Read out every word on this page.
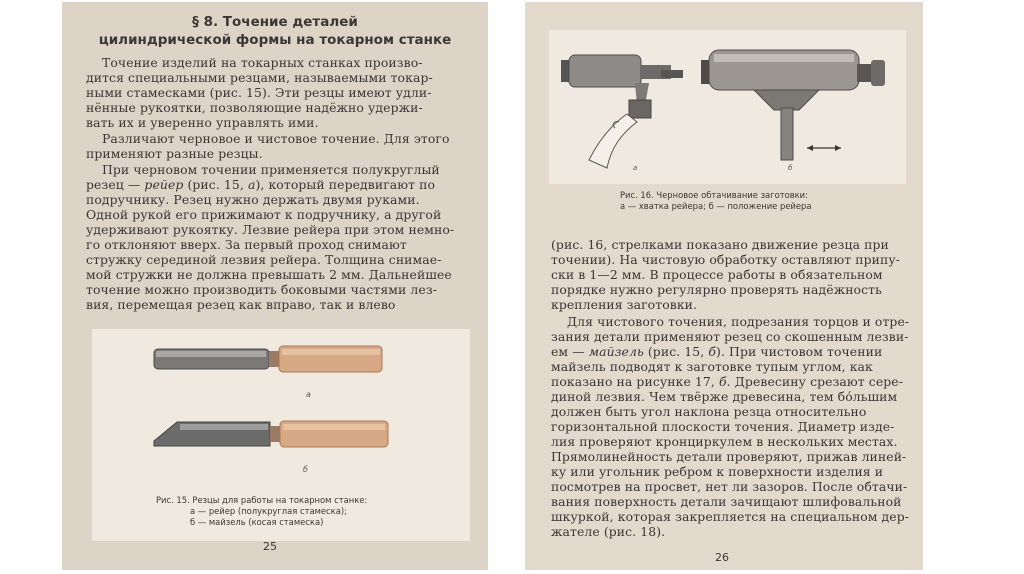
§ 8. Точение деталей
цилиндрической формы на токарном станке
Точение изделий на токарных станках произво-
дится специальными резцами, называемыми токар-
ными стамесками (рис. 15). Эти резцы имеют удли-
нённые рукоятки, позволяющие надёжно удержи-
вать их и уверенно управлять ими.
Различают черновое и чистовое точение. Для этого
применяют разные резцы.
При черновом точении применяется полукруглый
резец — рейер (рис. 15, а), который передвигают по
подручнику. Резец нужно держать двумя руками.
Одной рукой его прижимают к подручнику, а другой
удерживают рукоятку. Лезвие рейера при этом немно-
го отклоняют вверх. За первый проход снимают
стружку серединой лезвия рейера. Толщина снимае-
мой стружки не должна превышать 2 мм. Дальнейшее
точение можно производить боковыми частями лез-
вия, перемещая резец как вправо, так и влево
а
б
Рис. 15. Резцы для работы на токарном станке:
а — рейер (полукруглая стамеска);
б — майзель (косая стамеска)
25
а	б
Рис. 16. Черновое обтачивание заготовки:
а — хватка рейера; б — положение рейера
(рис. 16, стрелками показано движение резца при
точении). На чистовую обработку оставляют припу-
ски в 1—2 мм. В процессе работы в обязательном
порядке нужно регулярно проверять надёжность
крепления заготовки.
Для чистового точения, подрезания торцов и отре-
зания детали применяют резец со скошенным лезви-
ем — майзель (рис. 15, б). При чистовом точении
майзель подводят к заготовке тупым углом, как
показано на рисунке 17, б. Древесину срезают сере-
диной лезвия. Чем твёрже древесина, тем бо́льшим
должен быть угол наклона резца относительно
горизонтальной плоскости точения. Диаметр изде-
лия проверяют кронциркулем в нескольких местах.
Прямолинейность детали проверяют, прижав линей-
ку или угольник ребром к поверхности изделия и
посмотрев на просвет, нет ли зазоров. После обтачи-
вания поверхность детали зачищают шлифовальной
шкуркой, которая закрепляется на специальном дер-
жателе (рис. 18).
26
